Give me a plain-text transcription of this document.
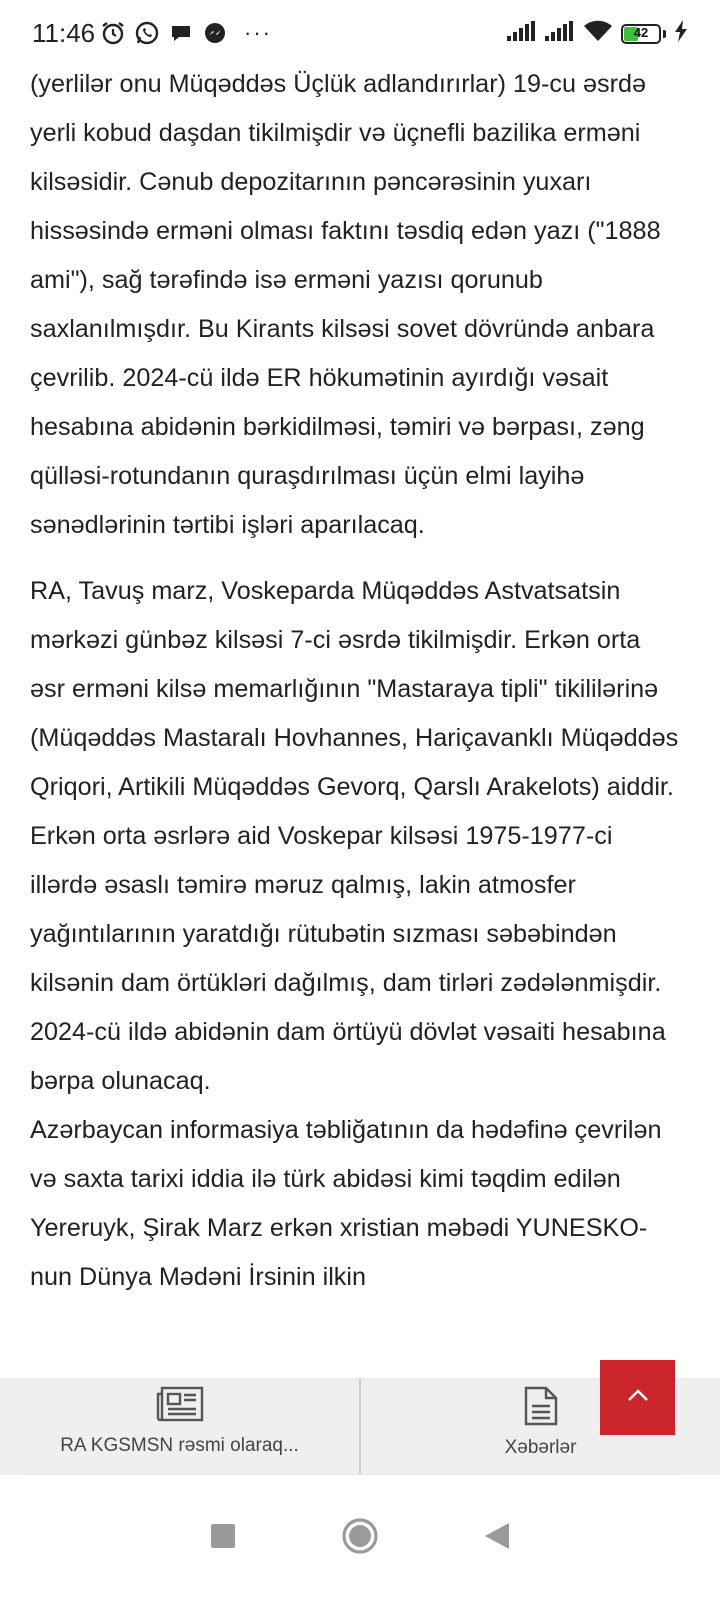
11:46	···	42

(yerlilər onu Müqəddəs Üçlük adlandırırlar) 19-cu əsrdə yerli kobud daşdan tikilmişdir və üçnefli bazilika erməni kilsəsidir. Cənub depozitarının pəncərəsinin yuxarı hissəsində erməni olması faktını təsdiq edən yazı ("1888 ami"), sağ tərəfində isə erməni yazısı qorunub saxlanılmışdır. Bu Kirants kilsəsi sovet dövründə anbara çevrilib. 2024-cü ildə ER hökumətinin ayırdığı vəsait hesabına abidənin bərkidilməsi, təmiri və bərpası, zəng qülləsi-rotundanın quraşdırılması üçün elmi layihə sənədlərinin tərtibi işləri aparılacaq.

RA, Tavuş marz, Voskeparda Müqəddəs Astvatsatsin mərkəzi günbəz kilsəsi 7-ci əsrdə tikilmişdir. Erkən orta əsr erməni kilsə memarlığının "Mastaraya tipli" tikililərinə (Müqəddəs Mastaralı Hovhannes, Hariçavanklı Müqəddəs Qriqori, Artikili Müqəddəs Gevorq, Qarslı Arakelots) aiddir. Erkən orta əsrlərə aid Voskepar kilsəsi 1975-1977-ci illərdə əsaslı təmirə məruz qalmış, lakin atmosfer yağıntılarının yaratdığı rütubətin sızması səbəbindən kilsənin dam örtükləri dağılmış, dam tirləri zədələnmişdir. 2024-cü ildə abidənin dam örtüyü dövlət vəsaiti hesabına bərpa olunacaq.

Azərbaycan informasiya təbliğatının da hədəfinə çevrilən və saxta tarixi iddia ilə türk abidəsi kimi təqdim edilən Yereruyk, Şirak Marz erkən xristian məbədi YUNESKO-nun Dünya Mədəni İrsinin ilkin

RA KGSMSN rəsmi olaraq...	Xəbərlər
